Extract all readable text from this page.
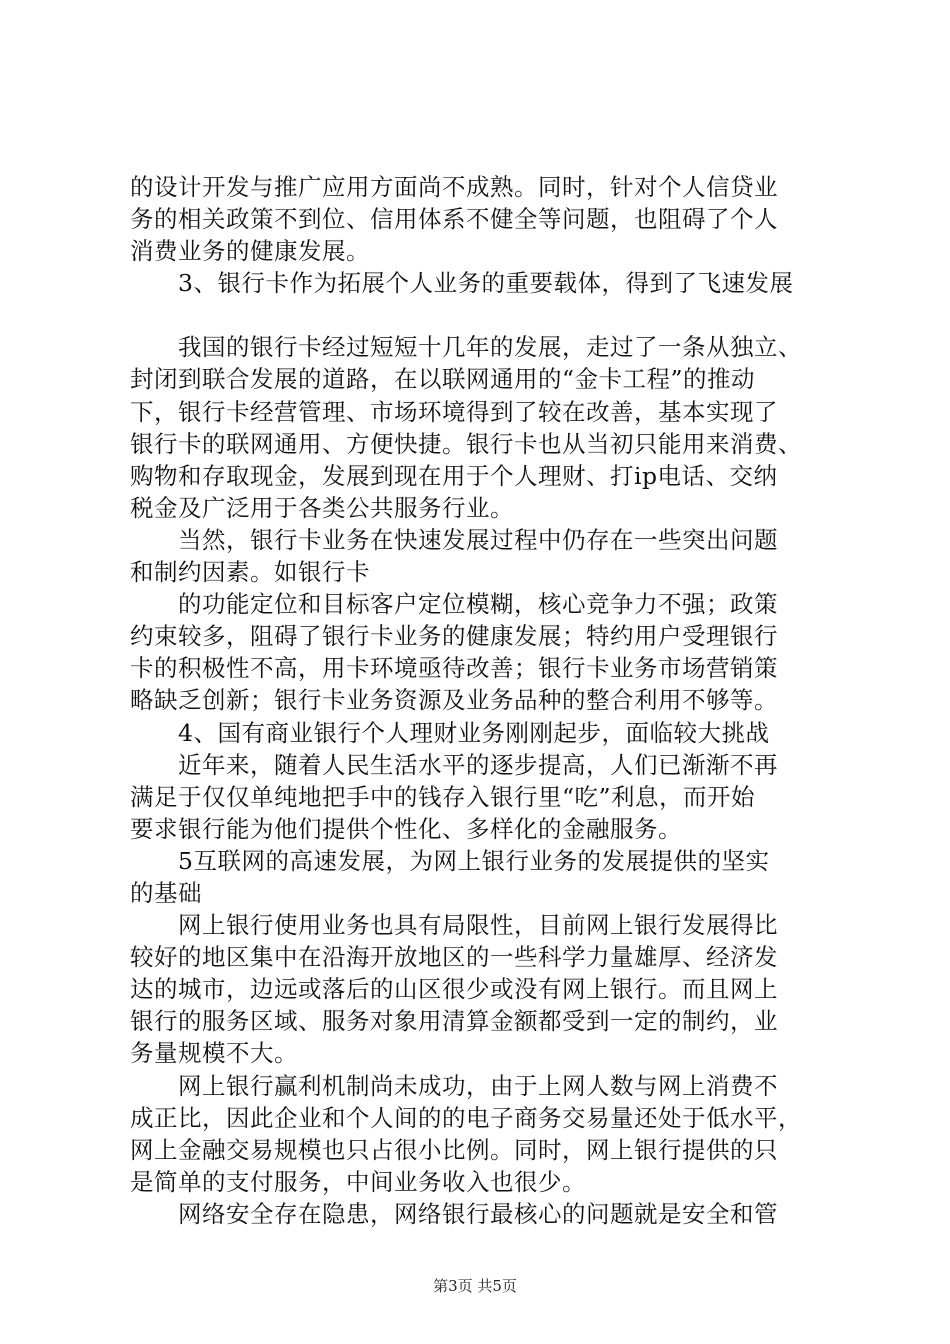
的设计开发与推广应用方面尚不成熟。同时，针对个人信贷业
务的相关政策不到位、信用体系不健全等问题，也阻碍了个人
消费业务的健康发展。
3、银行卡作为拓展个人业务的重要载体，得到了飞速发展
我国的银行卡经过短短十几年的发展，走过了一条从独立、
封闭到联合发展的道路，在以联网通用的“金卡工程”的推动
下，银行卡经营管理、市场环境得到了较在改善，基本实现了
银行卡的联网通用、方便快捷。银行卡也从当初只能用来消费、
购物和存取现金，发展到现在用于个人理财、打ip电话、交纳
税金及广泛用于各类公共服务行业。
当然，银行卡业务在快速发展过程中仍存在一些突出问题
和制约因素。如银行卡
的功能定位和目标客户定位模糊，核心竞争力不强；政策
约束较多，阻碍了银行卡业务的健康发展；特约用户受理银行
卡的积极性不高，用卡环境亟待改善；银行卡业务市场营销策
略缺乏创新；银行卡业务资源及业务品种的整合利用不够等。
4、国有商业银行个人理财业务刚刚起步，面临较大挑战
近年来，随着人民生活水平的逐步提高，人们已渐渐不再
满足于仅仅单纯地把手中的钱存入银行里“吃”利息，而开始
要求银行能为他们提供个性化、多样化的金融服务。
5互联网的高速发展，为网上银行业务的发展提供的坚实
的基础
网上银行使用业务也具有局限性，目前网上银行发展得比
较好的地区集中在沿海开放地区的一些科学力量雄厚、经济发
达的城市，边远或落后的山区很少或没有网上银行。而且网上
银行的服务区域、服务对象用清算金额都受到一定的制约，业
务量规模不大。
网上银行赢利机制尚未成功，由于上网人数与网上消费不
成正比，因此企业和个人间的的电子商务交易量还处于低水平，
网上金融交易规模也只占很小比例。同时，网上银行提供的只
是简单的支付服务，中间业务收入也很少。
网络安全存在隐患，网络银行最核心的问题就是安全和管
第3页 共5页
